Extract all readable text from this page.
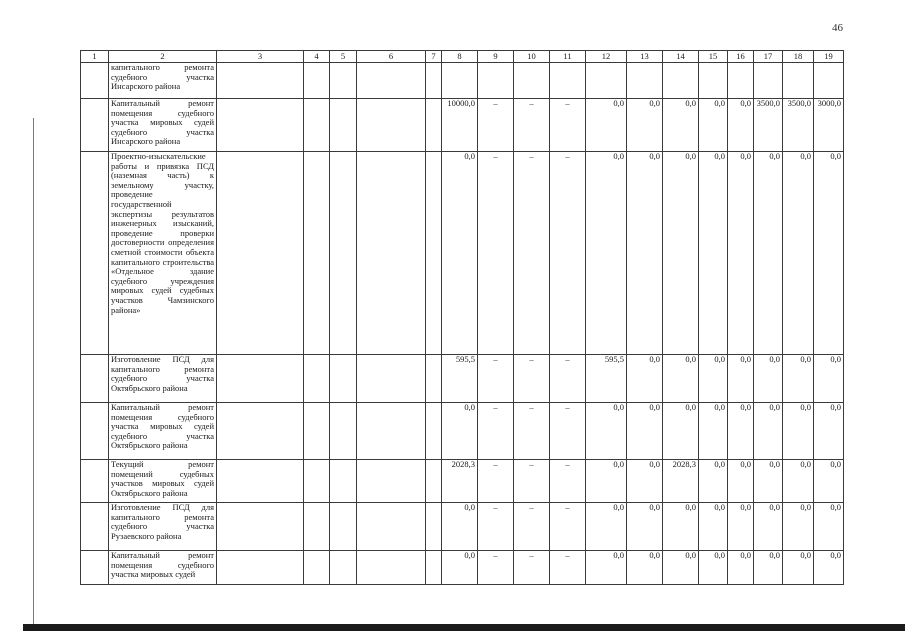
46
1	2	3	4	5	6	7	8	9	10	11	12	13	14	15	16	17	18	19
	капитального ремонта судебного участка Инсарского района																	
	Капитальный ремонт помещения судебного участка мировых судей судебного участка Инсарского района						10000,0	–	–	–	0,0	0,0	0,0	0,0	0,0	3500,0	3500,0	3000,0
	Проектно-изыскательские работы и привязка ПСД (наземная часть) к земельному участку, проведение государственной экспертизы результатов инженерных изысканий, проведение проверки достоверности определения сметной стоимости объекта капитального строительства «Отдельное здание судебного учреждения мировых судей судебных участков Чамзинского района»						0,0	–	–	–	0,0	0,0	0,0	0,0	0,0	0,0	0,0	0,0
	Изготовление ПСД для капитального ремонта судебного участка Октябрьского района						595,5	–	–	–	595,5	0,0	0,0	0,0	0,0	0,0	0,0	0,0
	Капитальный ремонт помещения судебного участка мировых судей судебного участка Октябрьского района						0,0	–	–	–	0,0	0,0	0,0	0,0	0,0	0,0	0,0	0,0
	Текущий ремонт помещений судебных участков мировых судей Октябрьского района						2028,3	–	–	–	0,0	0,0	2028,3	0,0	0,0	0,0	0,0	0,0
	Изготовление ПСД для капитального ремонта судебного участка Рузаевского района						0,0	–	–	–	0,0	0,0	0,0	0,0	0,0	0,0	0,0	0,0
	Капитальный ремонт помещения судебного участка мировых судей						0,0	–	–	–	0,0	0,0	0,0	0,0	0,0	0,0	0,0	0,0
